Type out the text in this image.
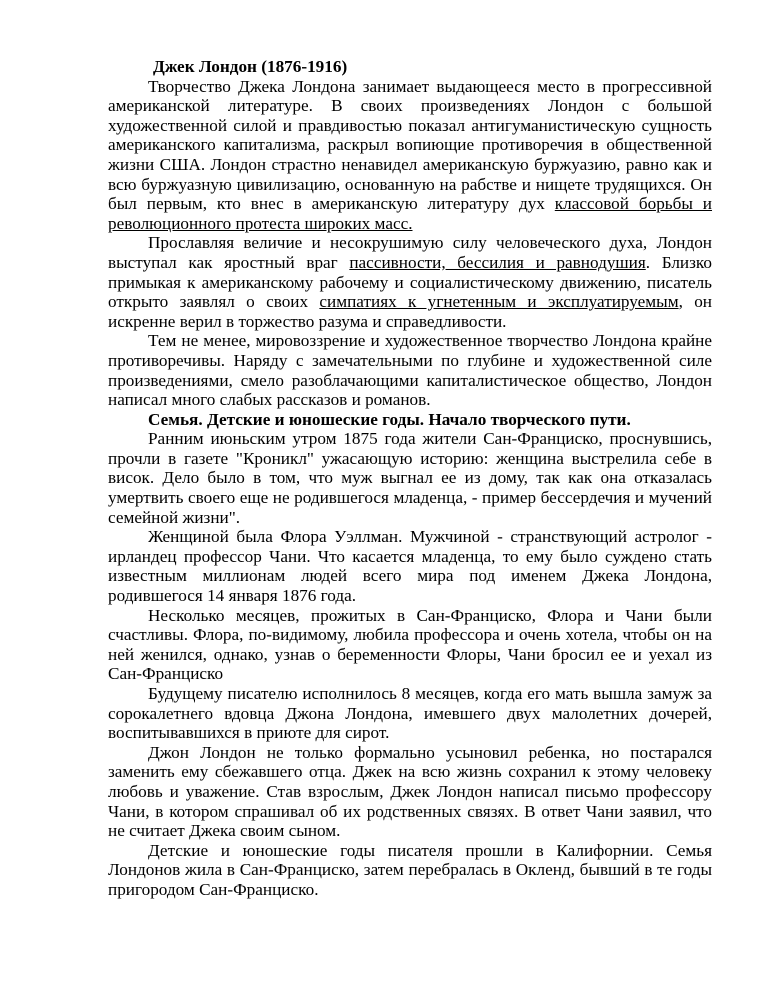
Джек Лондон (1876-1916)

Творчество Джека Лондона занимает выдающееся место в прогрессивной американской литературе. В своих произведениях Лондон с большой художественной силой и правдивостью показал антигуманистическую сущность американского капитализма, раскрыл вопиющие противоречия в общественной жизни США. Лондон страстно ненавидел американскую буржуазию, равно как и всю буржуазную цивилизацию, основанную на рабстве и нищете трудящихся. Он был первым, кто внес в американскую литературу дух классовой борьбы и революционного протеста широких масс.

Прославляя величие и несокрушимую силу человеческого духа, Лондон выступал как яростный враг пассивности, бессилия и равнодушия. Близко примыкая к американскому рабочему и социалистическому движению, писатель открыто заявлял о своих симпатиях к угнетенным и эксплуатируемым, он искренне верил в торжество разума и справедливости.

Тем не менее, мировоззрение и художественное творчество Лондона крайне противоречивы. Наряду с замечательными по глубине и художественной силе произведениями, смело разоблачающими капиталистическое общество, Лондон написал много слабых рассказов и романов.

Семья. Детские и юношеские годы. Начало творческого пути.

Ранним июньским утром 1875 года жители Сан-Франциско, проснувшись, прочли в газете "Кроникл" ужасающую историю: женщина выстрелила себе в висок. Дело было в том, что муж выгнал ее из дому, так как она отказалась умертвить своего еще не родившегося младенца, - пример бессердечия и мучений семейной жизни".

Женщиной была Флора Уэллман. Мужчиной - странствующий астролог - ирландец профессор Чани. Что касается младенца, то ему было суждено стать известным миллионам людей всего мира под именем Джека Лондона, родившегося 14 января 1876 года.

Несколько месяцев, прожитых в Сан-Франциско, Флора и Чани были счастливы. Флора, по-видимому, любила профессора и очень хотела, чтобы он на ней женился, однако, узнав о беременности Флоры, Чани бросил ее и уехал из Сан-Франциско

Будущему писателю исполнилось 8 месяцев, когда его мать вышла замуж за сорокалетнего вдовца Джона Лондона, имевшего двух малолетних дочерей, воспитывавшихся в приюте для сирот.

Джон Лондон не только формально усыновил ребенка, но постарался заменить ему сбежавшего отца. Джек на всю жизнь сохранил к этому человеку любовь и уважение. Став взрослым, Джек Лондон написал письмо профессору Чани, в котором спрашивал об их родственных связях. В ответ Чани заявил, что не считает Джека своим сыном.

Детские и юношеские годы писателя прошли в Калифорнии. Семья Лондонов жила в Сан-Франциско, затем перебралась в Окленд, бывший в те годы пригородом Сан-Франциско.
